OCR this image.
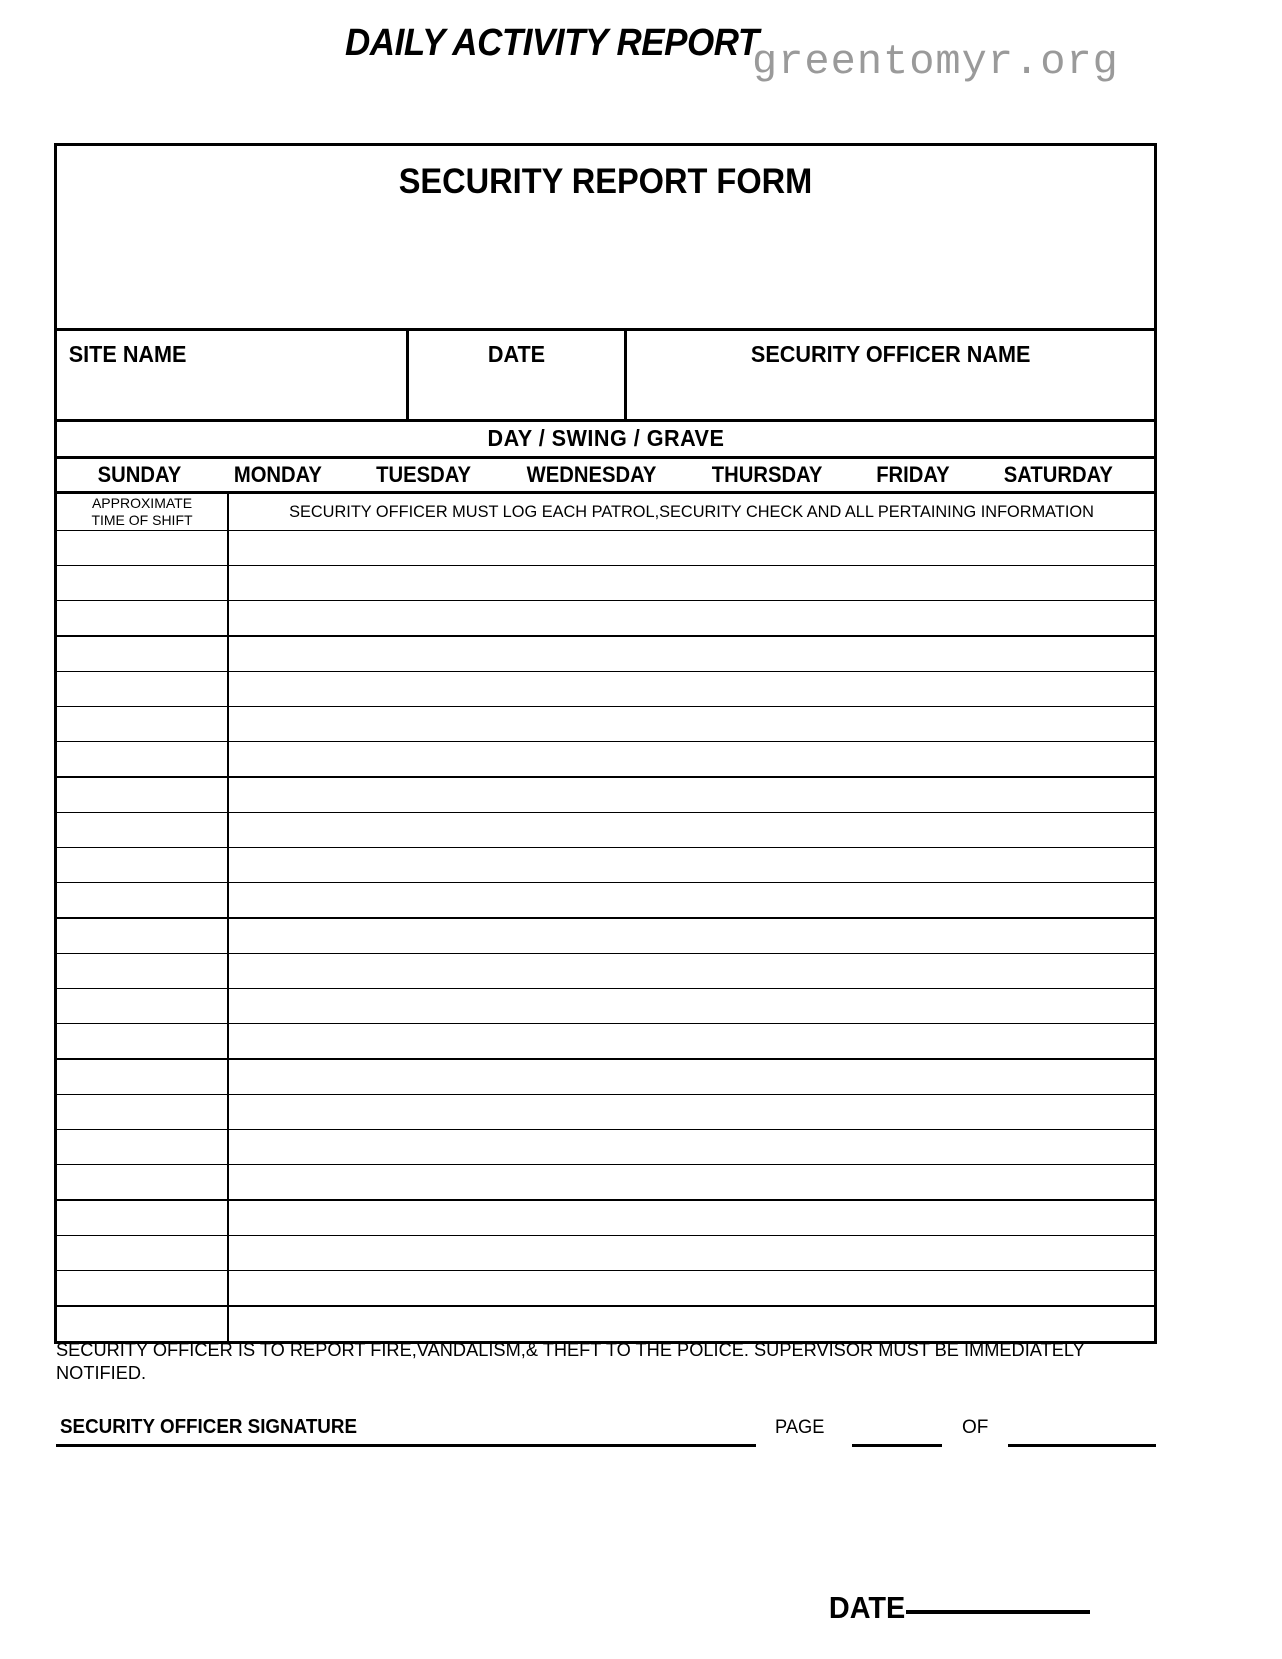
DAILY ACTIVITY REPORT
greentomyr.org
SECURITY REPORT FORM
SITE NAME	DATE	SECURITY OFFICER NAME
DAY / SWING / GRAVE
SUNDAY MONDAY TUESDAY	WEDNESDAY	THURSDAY FRIDAY SATURDAY
APPROXIMATE
TIME OF SHIFT	SECURITY OFFICER MUST LOG EACH PATROL,SECURITY CHECK AND ALL PERTAINING INFORMATION
SECURITY OFFICER IS TO REPORT FIRE,VANDALISM,& THEFT TO THE POLICE. SUPERVISOR MUST BE IMMEDIATELY NOTIFIED.
SECURITY OFFICER SIGNATURE	PAGE	OF
DATE
